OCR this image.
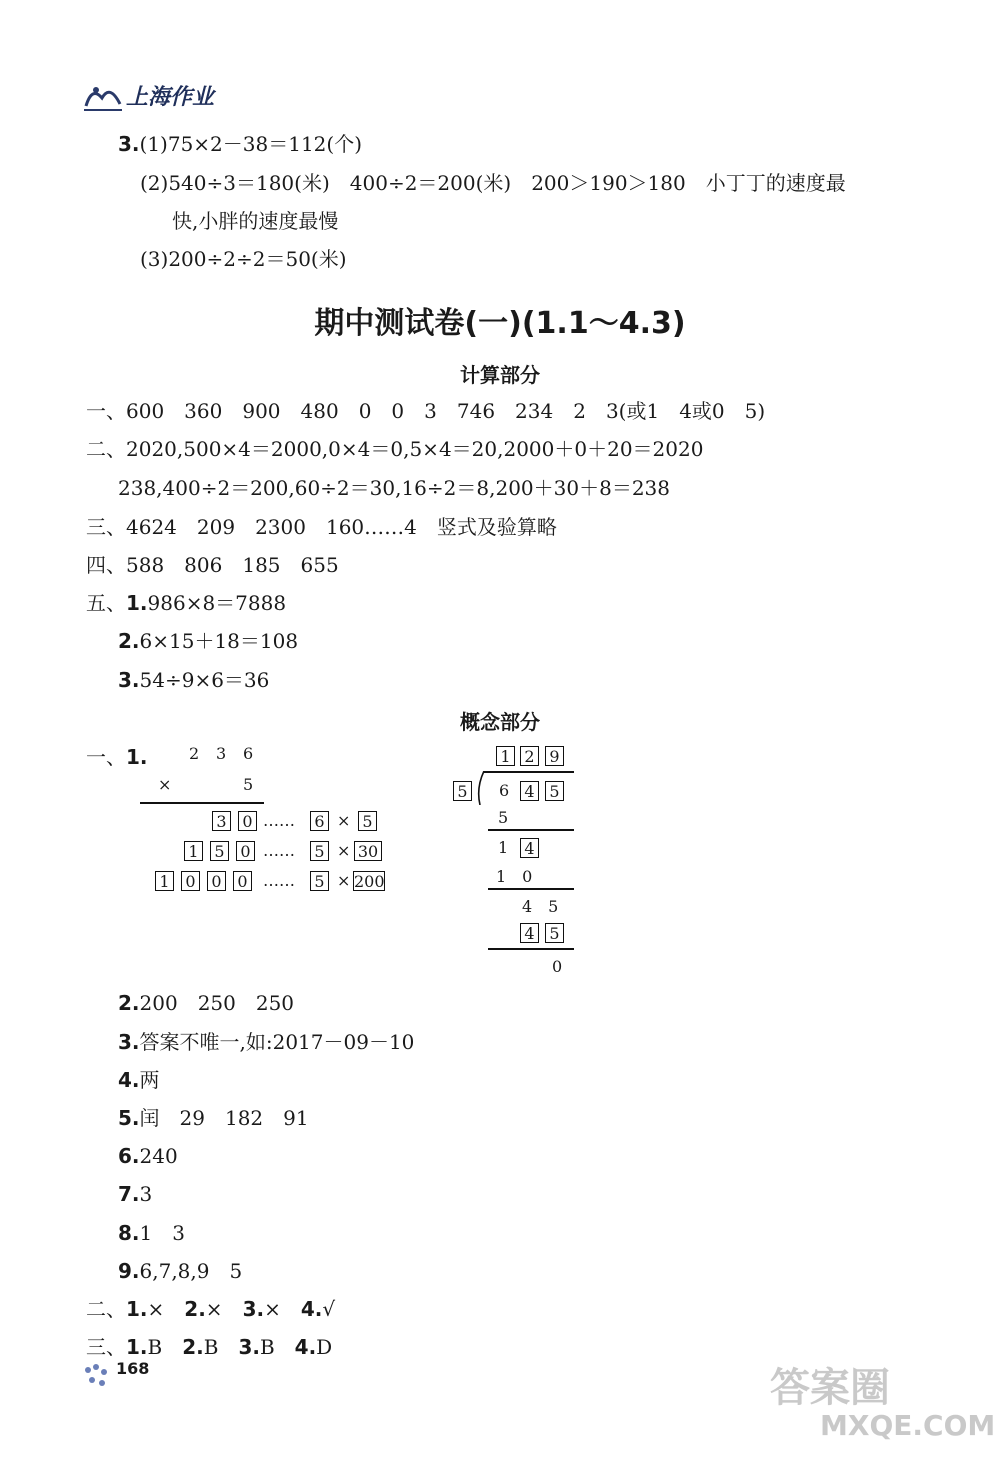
上海作业
3.(1)75×2－38＝112(个)
(2)540÷3＝180(米)　400÷2＝200(米)　200＞190＞180　小丁丁的速度最
快,小胖的速度最慢
(3)200÷2÷2＝50(米)
期中测试卷(一)(1.1～4.3)
计算部分
一、600　360　900　480　0　0　3　746　234　2　3(或1　4或0　5)
二、2020,500×4＝2000,0×4＝0,5×4＝20,2000＋0＋20＝2020
238,400÷2＝200,60÷2＝30,16÷2＝8,200＋30＋8＝238
三、4624　209　2300　160……4　竖式及验算略
四、588　806　185　655
五、1.986×8＝7888
2.6×15＋18＝108
3.54÷9×6＝36
概念部分
一、1.	2 3 6
×	5
3 0 …… 6 × 5
1 5 0 …… 5 × 30
1 0 0 0 …… 5 × 200
1 2 9
5 6 4 5
5
1 4
1　0
4　5
4 5
0
2.200　250　250
3.答案不唯一,如:2017－09－10
4.两
5.闰　29　182　91
6.240
7.3
8.1　3
9.6,7,8,9　5
二、1.×　 2.×　 3.×　 4.√
三、1.B　 2.B　 3.B　 4.D
168	答案圈
MXQE.COM
